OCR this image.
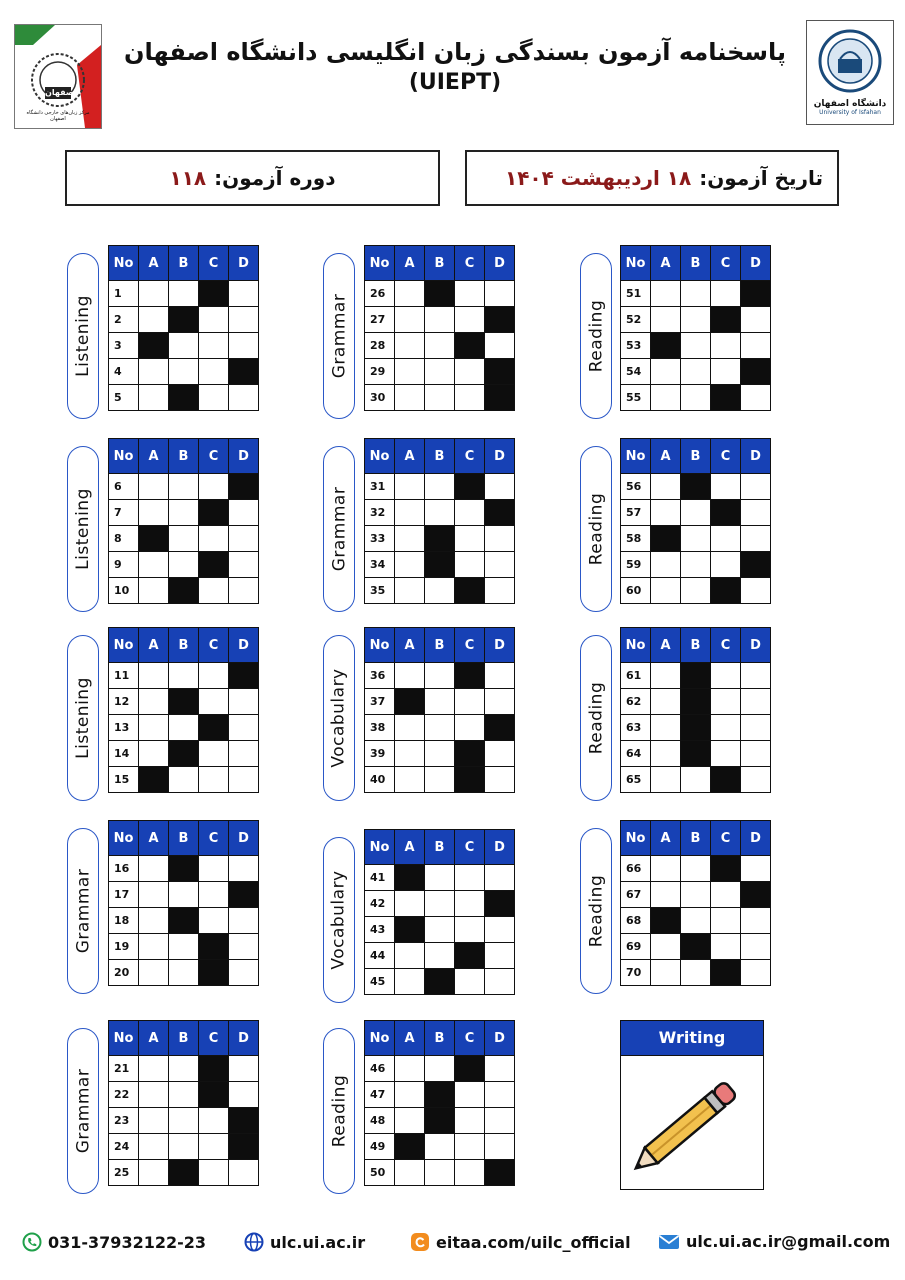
اصفهان
مرکز زبان‌های خارجی دانشگاه اصفهان
پاسخنامه آزمون بسندگی زبان انگلیسی دانشگاه اصفهان
(UIEPT)
دانشگاه اصفهان
University of Isfahan
تاریخ آزمون:
۱۸ اردیبهشت ۱۴۰۴
دوره آزمون:
۱۱۸
Listening
No	A	B	C	D
1				
2				
3				
4				
5				
Grammar
No	A	B	C	D
26				
27				
28				
29				
30				
Reading
No	A	B	C	D
51				
52				
53				
54				
55				
Listening
No	A	B	C	D
6				
7				
8				
9				
10				
Grammar
No	A	B	C	D
31				
32				
33				
34				
35				
Reading
No	A	B	C	D
56				
57				
58				
59				
60				
Listening
No	A	B	C	D
11				
12				
13				
14				
15				
Vocabulary
No	A	B	C	D
36				
37				
38				
39				
40				
Reading
No	A	B	C	D
61				
62				
63				
64				
65				
Grammar
No	A	B	C	D
16				
17				
18				
19				
20				
Vocabulary
No	A	B	C	D
41				
42				
43				
44				
45				
Reading
No	A	B	C	D
66				
67				
68				
69				
70				
Grammar
No	A	B	C	D
21				
22				
23				
24				
25				
Reading
No	A	B	C	D
46				
47				
48				
49				
50				
Writing
031-37932122-23	ulc.ui.ac.ir	eitaa.com/uilc_official	ulc.ui.ac.ir@gmail.com
